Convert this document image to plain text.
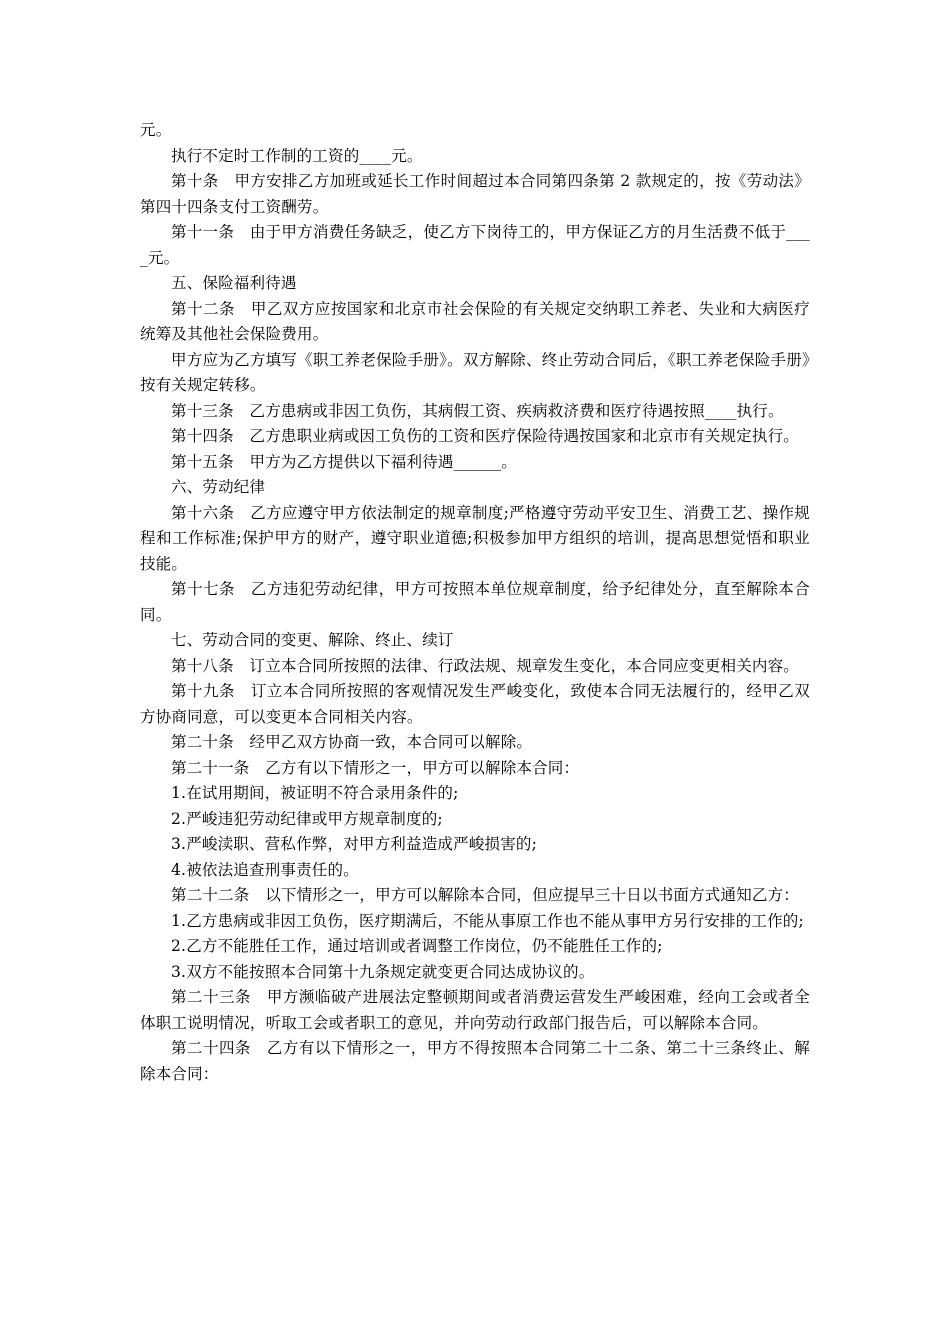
元。

执行不定时工作制的工资的____元。

第十条　甲方安排乙方加班或延长工作时间超过本合同第四条第 2 款规定的，按《劳动法》第四十四条支付工资酬劳。

第十一条　由于甲方消费任务缺乏，使乙方下岗待工的，甲方保证乙方的月生活费不低于____元。

五、保险福利待遇

第十二条　甲乙双方应按国家和北京市社会保险的有关规定交纳职工养老、失业和大病医疗统筹及其他社会保险费用。

甲方应为乙方填写《职工养老保险手册》。双方解除、终止劳动合同后，《职工养老保险手册》按有关规定转移。

第十三条　乙方患病或非因工负伤，其病假工资、疾病救济费和医疗待遇按照____执行。

第十四条　乙方患职业病或因工负伤的工资和医疗保险待遇按国家和北京市有关规定执行。

第十五条　甲方为乙方提供以下福利待遇______。

六、劳动纪律

第十六条　乙方应遵守甲方依法制定的规章制度;严格遵守劳动平安卫生、消费工艺、操作规程和工作标准;保护甲方的财产，遵守职业道德;积极参加甲方组织的培训，提高思想觉悟和职业技能。

第十七条　乙方违犯劳动纪律，甲方可按照本单位规章制度，给予纪律处分，直至解除本合同。

七、劳动合同的变更、解除、终止、续订

第十八条　订立本合同所按照的法律、行政法规、规章发生变化，本合同应变更相关内容。

第十九条　订立本合同所按照的客观情况发生严峻变化，致使本合同无法履行的，经甲乙双方协商同意，可以变更本合同相关内容。

第二十条　经甲乙双方协商一致，本合同可以解除。

第二十一条　乙方有以下情形之一，甲方可以解除本合同：

1.在试用期间，被证明不符合录用条件的;

2.严峻违犯劳动纪律或甲方规章制度的;

3.严峻渎职、营私作弊，对甲方利益造成严峻损害的;

4.被依法追查刑事责任的。

第二十二条　以下情形之一，甲方可以解除本合同，但应提早三十日以书面方式通知乙方：

1.乙方患病或非因工负伤，医疗期满后，不能从事原工作也不能从事甲方另行安排的工作的;

2.乙方不能胜任工作，通过培训或者调整工作岗位，仍不能胜任工作的;

3.双方不能按照本合同第十九条规定就变更合同达成协议的。

第二十三条　甲方濒临破产进展法定整顿期间或者消费运营发生严峻困难，经向工会或者全体职工说明情况，听取工会或者职工的意见，并向劳动行政部门报告后，可以解除本合同。

第二十四条　乙方有以下情形之一，甲方不得按照本合同第二十二条、第二十三条终止、解除本合同：
